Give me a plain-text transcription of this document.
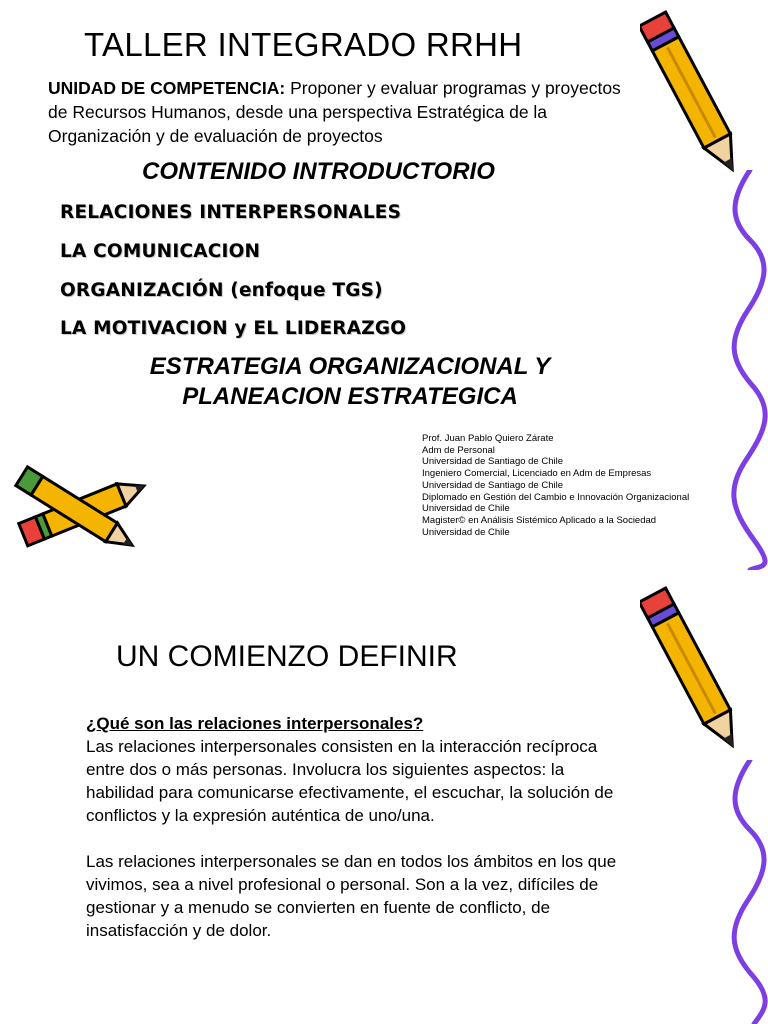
TALLER INTEGRADO RRHH
UNIDAD DE COMPETENCIA: Proponer y evaluar programas y proyectos de Recursos Humanos, desde una perspectiva Estratégica de la Organización y de evaluación de proyectos
CONTENIDO INTRODUCTORIO
RELACIONES INTERPERSONALES
LA COMUNICACION
ORGANIZACIÓN (enfoque TGS)
LA MOTIVACION y EL LIDERAZGO
ESTRATEGIA ORGANIZACIONAL Y
PLANEACION ESTRATEGICA
Prof. Juan Pablo Quiero Zárate
Adm de Personal
Universidad de Santiago de Chile
Ingeniero Comercial, Licenciado en Adm de Empresas
Universidad de Santiago de Chile
Diplomado en Gestión del Cambio e Innovación Organizacional
Universidad de Chile
Magister© en Análisis Sistémico Aplicado a la Sociedad
Universidad de Chile
UN COMIENZO DEFINIR
¿Qué son las relaciones interpersonales?

Las relaciones interpersonales consisten en la interacción recíproca entre dos o más personas. Involucra los siguientes aspectos: la habilidad para comunicarse efectivamente, el escuchar, la solución de conflictos y la expresión auténtica de uno/una.

Las relaciones interpersonales se dan en todos los ámbitos en los que vivimos, sea a nivel profesional o personal. Son a la vez, difíciles de gestionar y a menudo se convierten en fuente de conflicto, de insatisfacción y de dolor.
